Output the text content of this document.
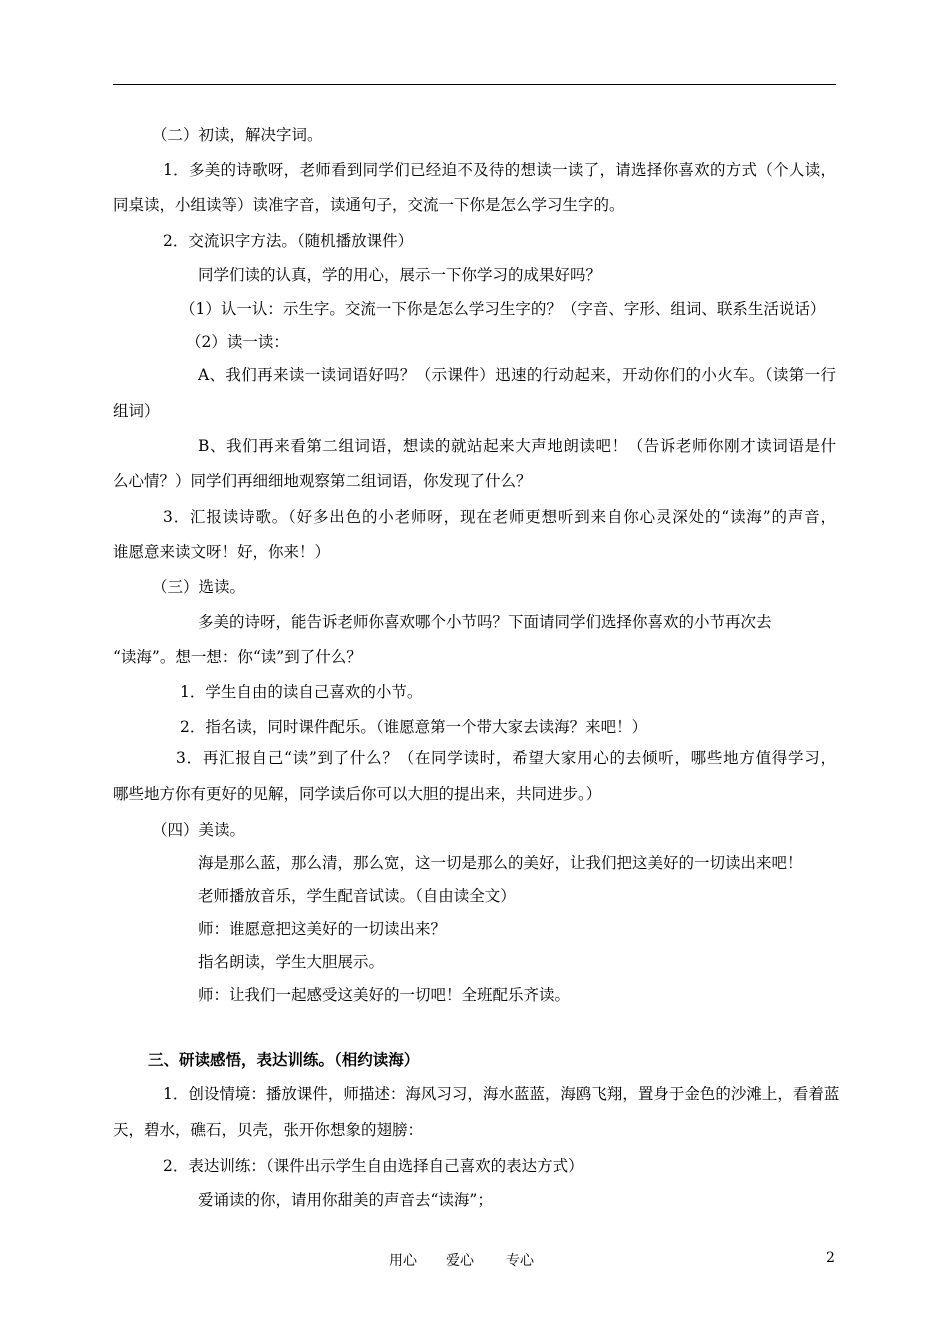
（二）初读，解决字词。
1．多美的诗歌呀，老师看到同学们已经迫不及待的想读一读了，请选择你喜欢的方式（个人读，
同桌读，小组读等）读准字音，读通句子，交流一下你是怎么学习生字的。
2．交流识字方法。（随机播放课件）
同学们读的认真，学的用心，展示一下你学习的成果好吗？
（1）认一认：示生字。交流一下你是怎么学习生字的？（字音、字形、组词、联系生活说话）
（2）读一读：
A、我们再来读一读词语好吗？（示课件）迅速的行动起来，开动你们的小火车。（读第一行
组词）
B、我们再来看第二组词语，想读的就站起来大声地朗读吧！（告诉老师你刚才读词语是什
么心情？）同学们再细细地观察第二组词语，你发现了什么？
3．汇报读诗歌。（好多出色的小老师呀，现在老师更想听到来自你心灵深处的“读海”的声音，
谁愿意来读文呀！好，你来！）
（三）选读。
多美的诗呀，能告诉老师你喜欢哪个小节吗？下面请同学们选择你喜欢的小节再次去
“读海”。想一想：你“读”到了什么？
1．学生自由的读自己喜欢的小节。
2．指名读，同时课件配乐。（谁愿意第一个带大家去读海？来吧！）
3．再汇报自己“读”到了什么？（在同学读时，希望大家用心的去倾听，哪些地方值得学习，
哪些地方你有更好的见解，同学读后你可以大胆的提出来，共同进步。）
（四）美读。
海是那么蓝，那么清，那么宽，这一切是那么的美好，让我们把这美好的一切读出来吧！
老师播放音乐，学生配音试读。（自由读全文）
师：谁愿意把这美好的一切读出来？
指名朗读，学生大胆展示。
师：让我们一起感受这美好的一切吧！全班配乐齐读。
三、研读感悟，表达训练。（相约读海）
1．创设情境：播放课件，师描述：海风习习，海水蓝蓝，海鸥飞翔，置身于金色的沙滩上，看着蓝
天，碧水，礁石，贝壳，张开你想象的翅膀：
2．表达训练：（课件出示学生自由选择自己喜欢的表达方式）
爱诵读的你，请用你甜美的声音去“读海”；
用心 爱心 专心	2
